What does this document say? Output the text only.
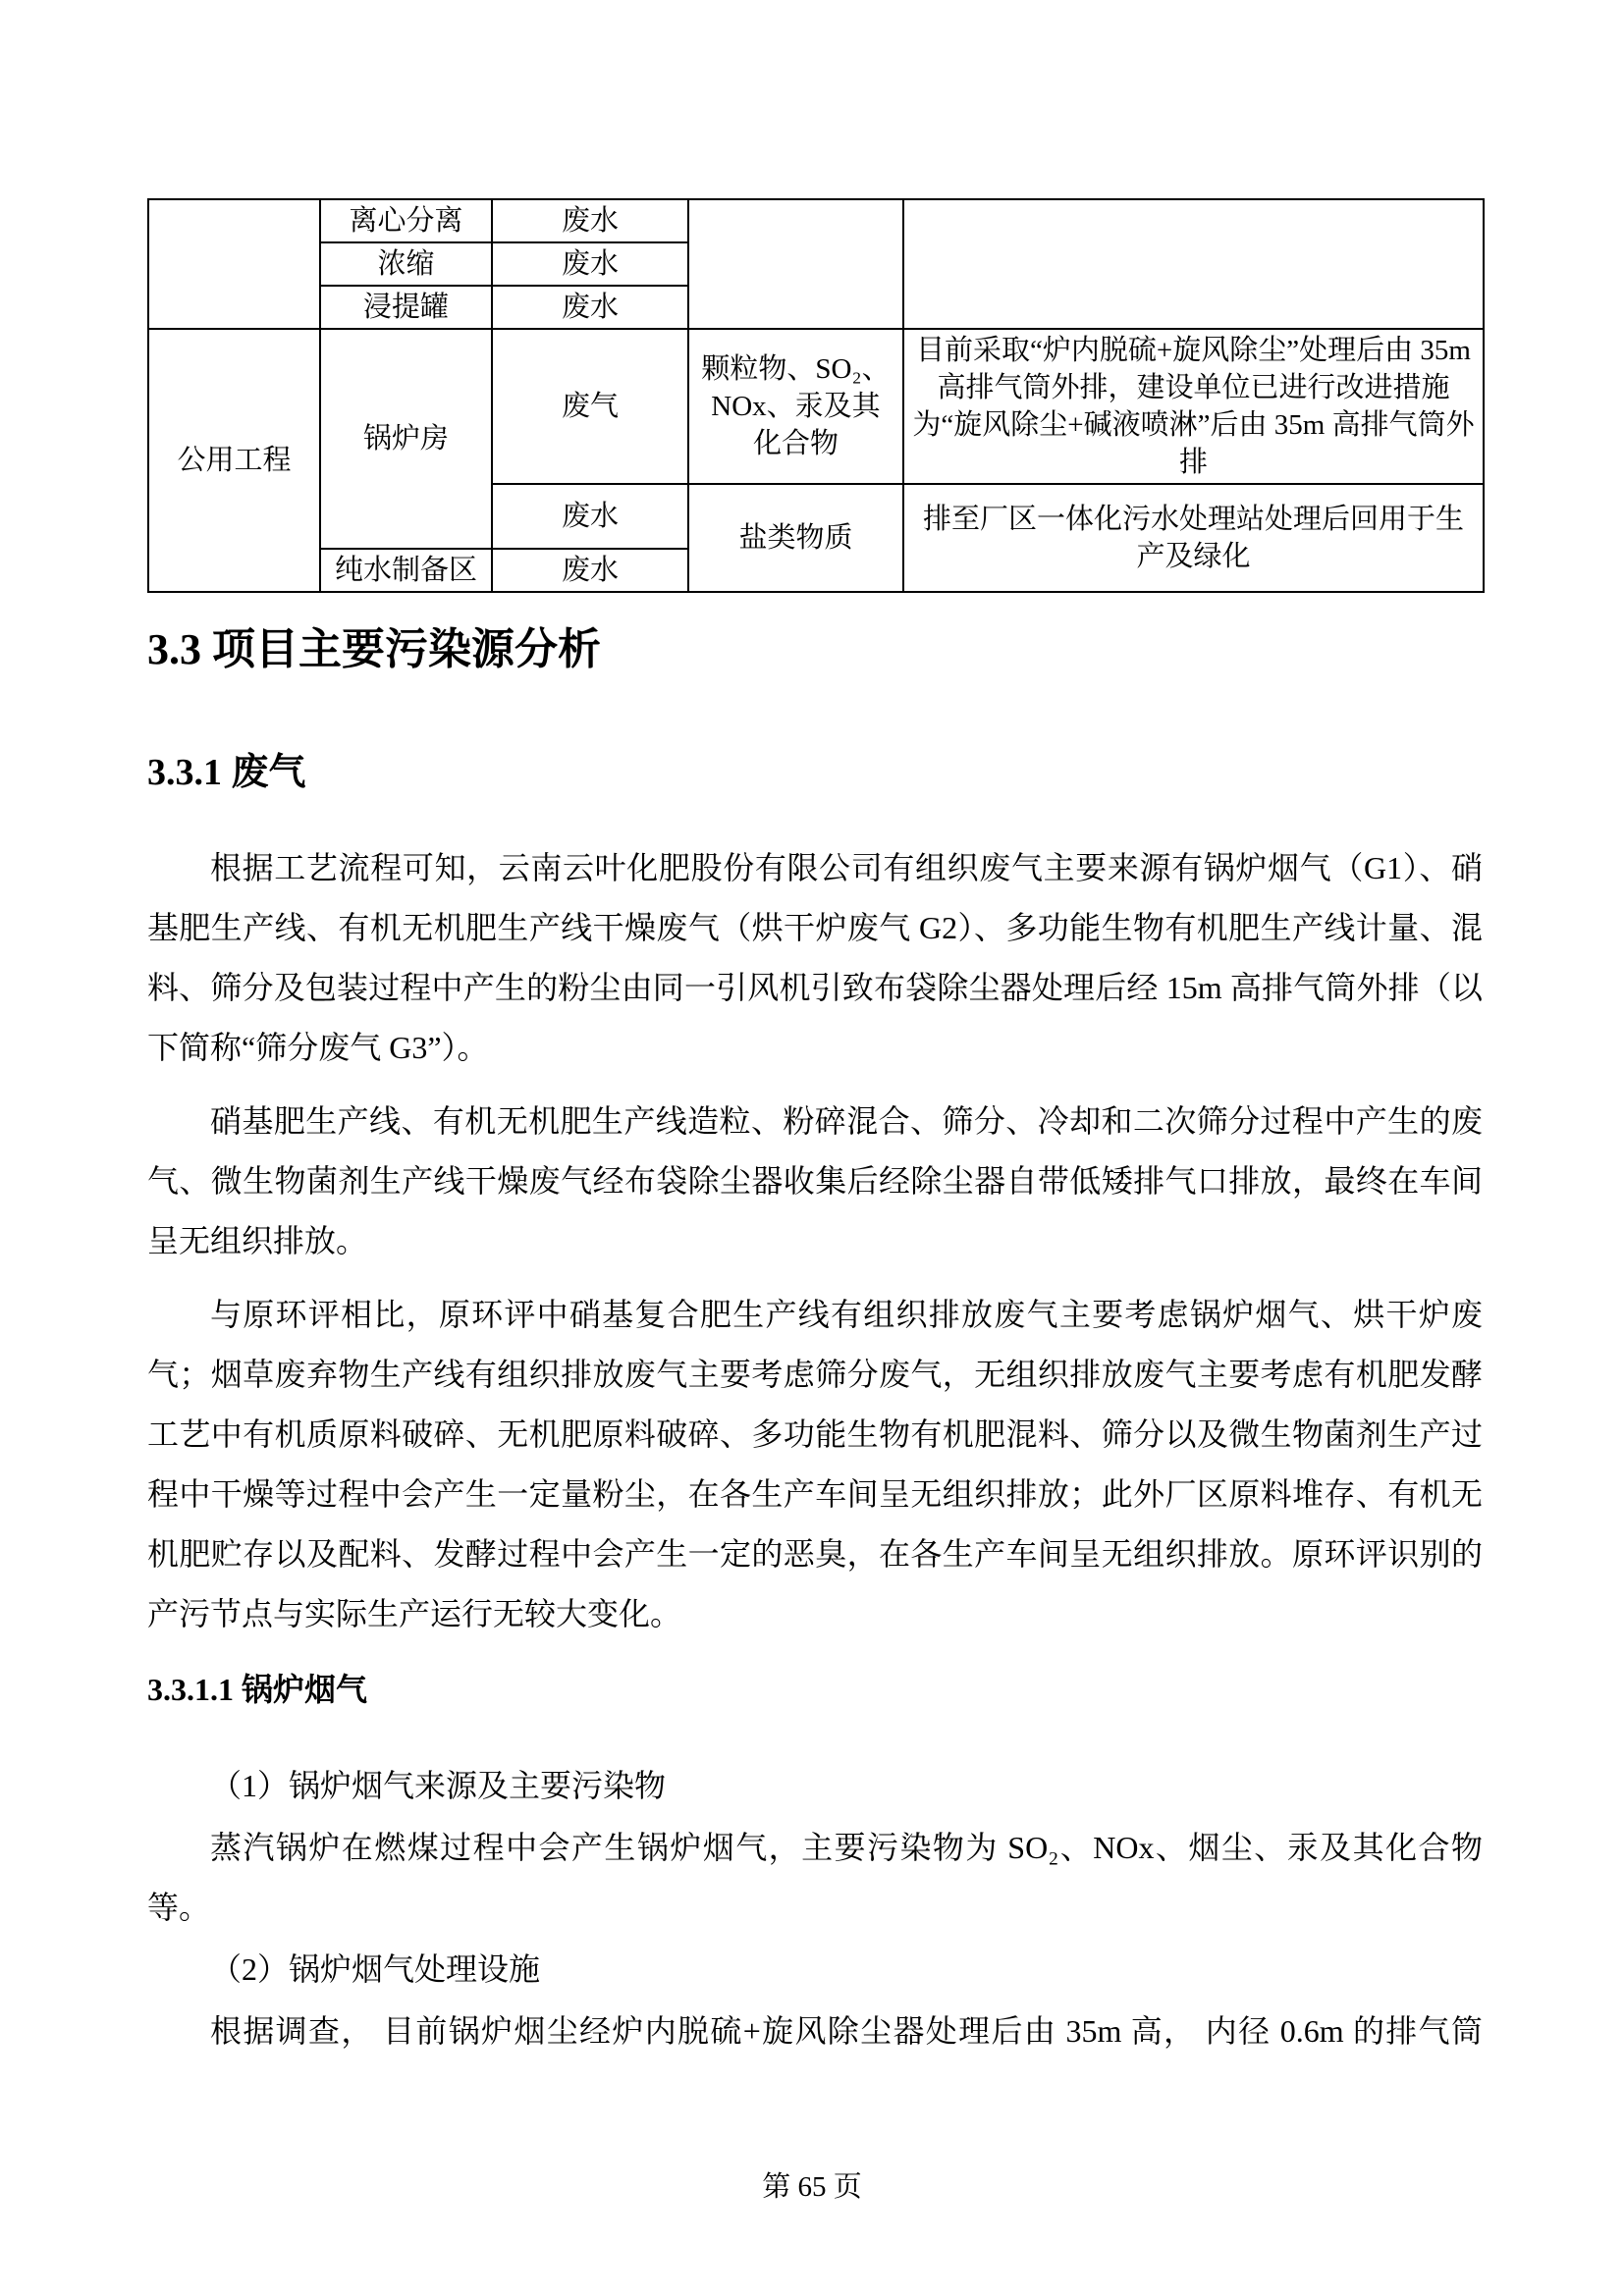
	离心分离	废水		
	浓缩	废水		
	浸提罐	废水		
公用工程	锅炉房	废气	颗粒物、SO₂、NOx、汞及其化合物	目前采取“炉内脱硫+旋风除尘”处理后由 35m 高排气筒外排，建设单位已进行改进措施为“旋风除尘+碱液喷淋”后由 35m 高排气筒外排
		废水	盐类物质	排至厂区一体化污水处理站处理后回用于生产及绿化
	纯水制备区	废水		
3.3 项目主要污染源分析
3.3.1 废气

根据工艺流程可知，云南云叶化肥股份有限公司有组织废气主要来源有锅炉烟气（G1）、硝基肥生产线、有机无机肥生产线干燥废气（烘干炉废气 G2）、多功能生物有机肥生产线计量、混料、筛分及包装过程中产生的粉尘由同一引风机引致布袋除尘器处理后经 15m 高排气筒外排（以下简称“筛分废气 G3”）。

硝基肥生产线、有机无机肥生产线造粒、粉碎混合、筛分、冷却和二次筛分过程中产生的废气、微生物菌剂生产线干燥废气经布袋除尘器收集后经除尘器自带低矮排气口排放，最终在车间呈无组织排放。

与原环评相比，原环评中硝基复合肥生产线有组织排放废气主要考虑锅炉烟气、烘干炉废气；烟草废弃物生产线有组织排放废气主要考虑筛分废气，无组织排放废气主要考虑有机肥发酵工艺中有机质原料破碎、无机肥原料破碎、多功能生物有机肥混料、筛分以及微生物菌剂生产过程中干燥等过程中会产生一定量粉尘，在各生产车间呈无组织排放；此外厂区原料堆存、有机无机肥贮存以及配料、发酵过程中会产生一定的恶臭，在各生产车间呈无组织排放。原环评识别的产污节点与实际生产运行无较大变化。

3.3.1.1 锅炉烟气

（1）锅炉烟气来源及主要污染物

蒸汽锅炉在燃煤过程中会产生锅炉烟气，主要污染物为 SO₂、NOx、烟尘、汞及其化合物等。

（2）锅炉烟气处理设施

根据调查， 目前锅炉烟尘经炉内脱硫+旋风除尘器处理后由 35m 高， 内径 0.6m 的排气筒

第 65 页
